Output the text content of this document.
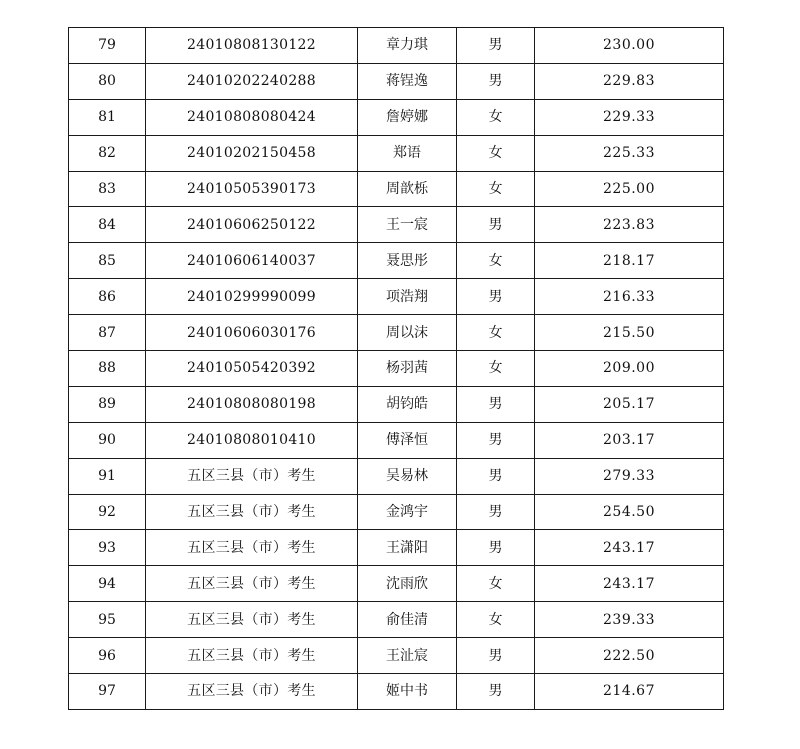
79	24010808130122	章力琪	男	230.00
80	24010202240288	蒋锃逸	男	229.83
81	24010808080424	詹婷娜	女	229.33
82	24010202150458	郑语	女	225.33
83	24010505390173	周歆栎	女	225.00
84	24010606250122	王一宸	男	223.83
85	24010606140037	聂思彤	女	218.17
86	24010299990099	项浩翔	男	216.33
87	24010606030176	周以沫	女	215.50
88	24010505420392	杨羽茜	女	209.00
89	24010808080198	胡钧皓	男	205.17
90	24010808010410	傅泽恒	男	203.17
91	五区三县（市）考生	吴易林	男	279.33
92	五区三县（市）考生	金鸿宇	男	254.50
93	五区三县（市）考生	王潇阳	男	243.17
94	五区三县（市）考生	沈雨欣	女	243.17
95	五区三县（市）考生	俞佳清	女	239.33
96	五区三县（市）考生	王沚宸	男	222.50
97	五区三县（市）考生	姬中书	男	214.67
